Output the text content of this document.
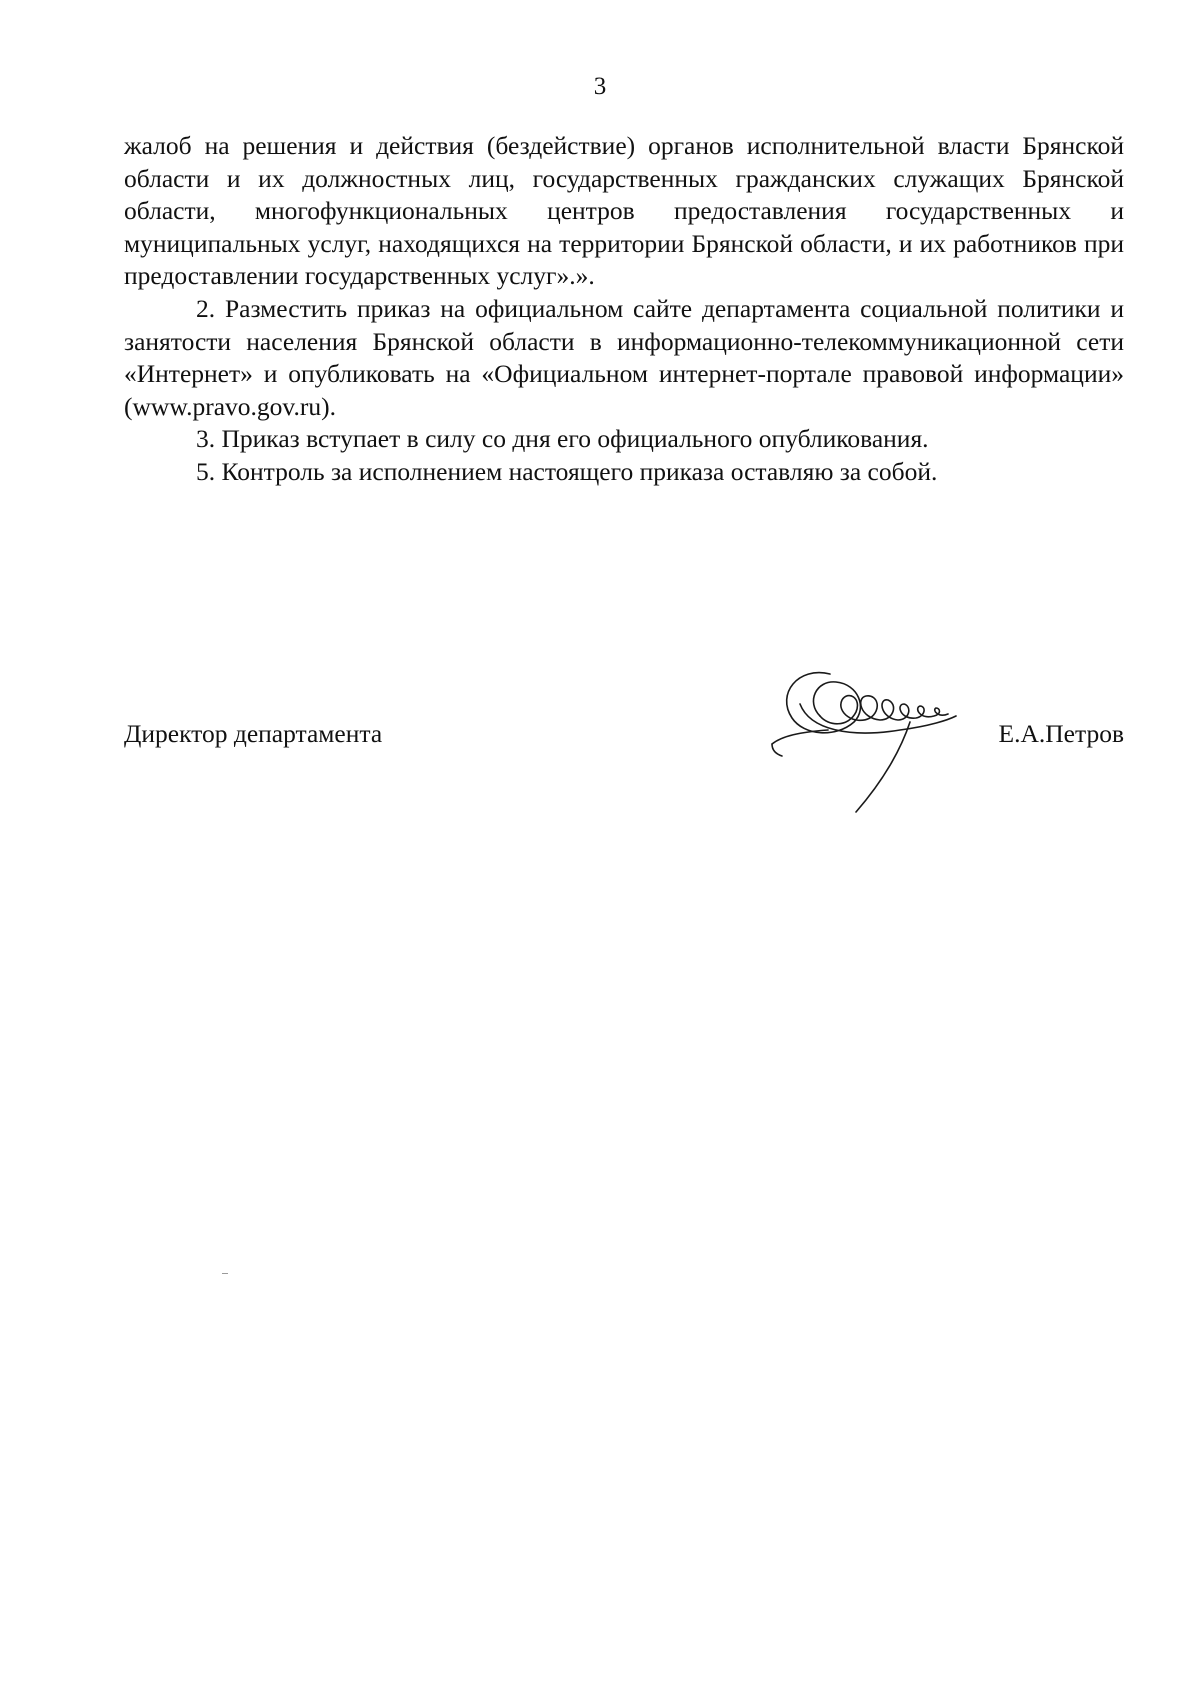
3

жалоб на решения и действия (бездействие) органов исполнительной власти Брянской области и их должностных лиц, государственных гражданских служащих Брянской области, многофункциональных центров предоставления государственных и муниципальных услуг, находящихся на территории Брянской области, и их работников при предоставлении государственных услуг».».

2. Разместить приказ на официальном сайте департамента социальной политики и занятости населения Брянской области в информационно-телекоммуникационной сети «Интернет» и опубликовать на «Официальном интернет-портале правовой информации» (www.pravo.gov.ru).

3. Приказ вступает в силу со дня его официального опубликования.

5. Контроль за исполнением настоящего приказа оставляю за собой.

Директор департамента	Е.А.Петров
